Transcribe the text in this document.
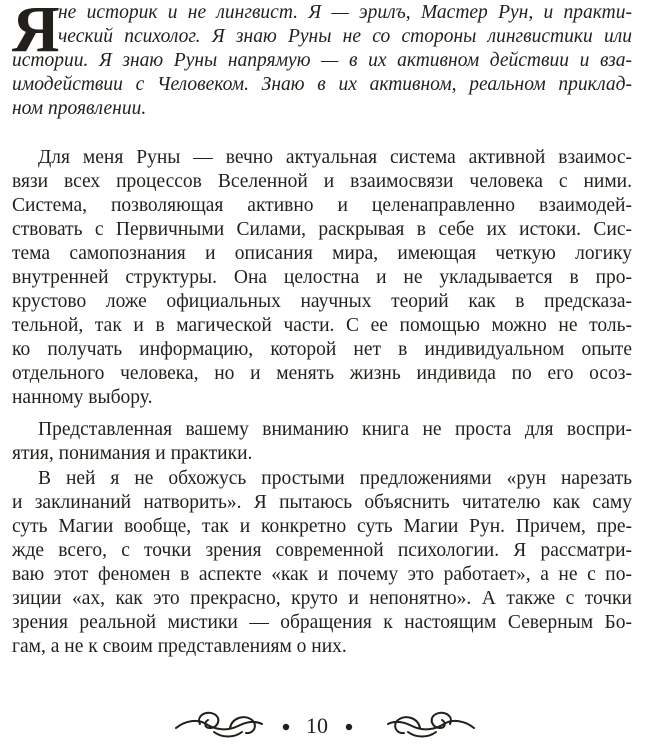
Я
не историк и не лингвист. Я — эрилъ, Мастер Рун, и практи-
ческий психолог. Я знаю Руны не со стороны лингвистики или
истории. Я знаю Руны напрямую — в их активном действии и вза-
имодействии с Человеком. Знаю в их активном, реальном приклад-
ном проявлении.
Для меня Руны — вечно актуальная система активной взаимос-
вязи всех процессов Вселенной и взаимосвязи человека с ними.
Система, позволяющая активно и целенаправленно взаимодей-
ствовать с Первичными Силами, раскрывая в себе их истоки. Сис-
тема самопознания и описания мира, имеющая четкую логику
внутренней структуры. Она целостна и не укладывается в про-
крустово ложе официальных научных теорий как в предсказа-
тельной, так и в магической части. С ее помощью можно не толь-
ко получать информацию, которой нет в индивидуальном опыте
отдельного человека, но и менять жизнь индивида по его осоз-
нанному выбору.
Представленная вашему вниманию книга не проста для воспри-
ятия, понимания и практики.
В ней я не обхожусь простыми предложениями «рун нарезать
и заклинаний натворить». Я пытаюсь объяснить читателю как саму
суть Магии вообще, так и конкретно суть Магии Рун. Причем, пре-
жде всего, с точки зрения современной психологии. Я рассматри-
ваю этот феномен в аспекте «как и почему это работает», а не с по-
зиции «ах, как это прекрасно, круто и непонятно». А также с точки
зрения реальной мистики — обращения к настоящим Северным Бо-
гам, а не к своим представлениям о них.
10
